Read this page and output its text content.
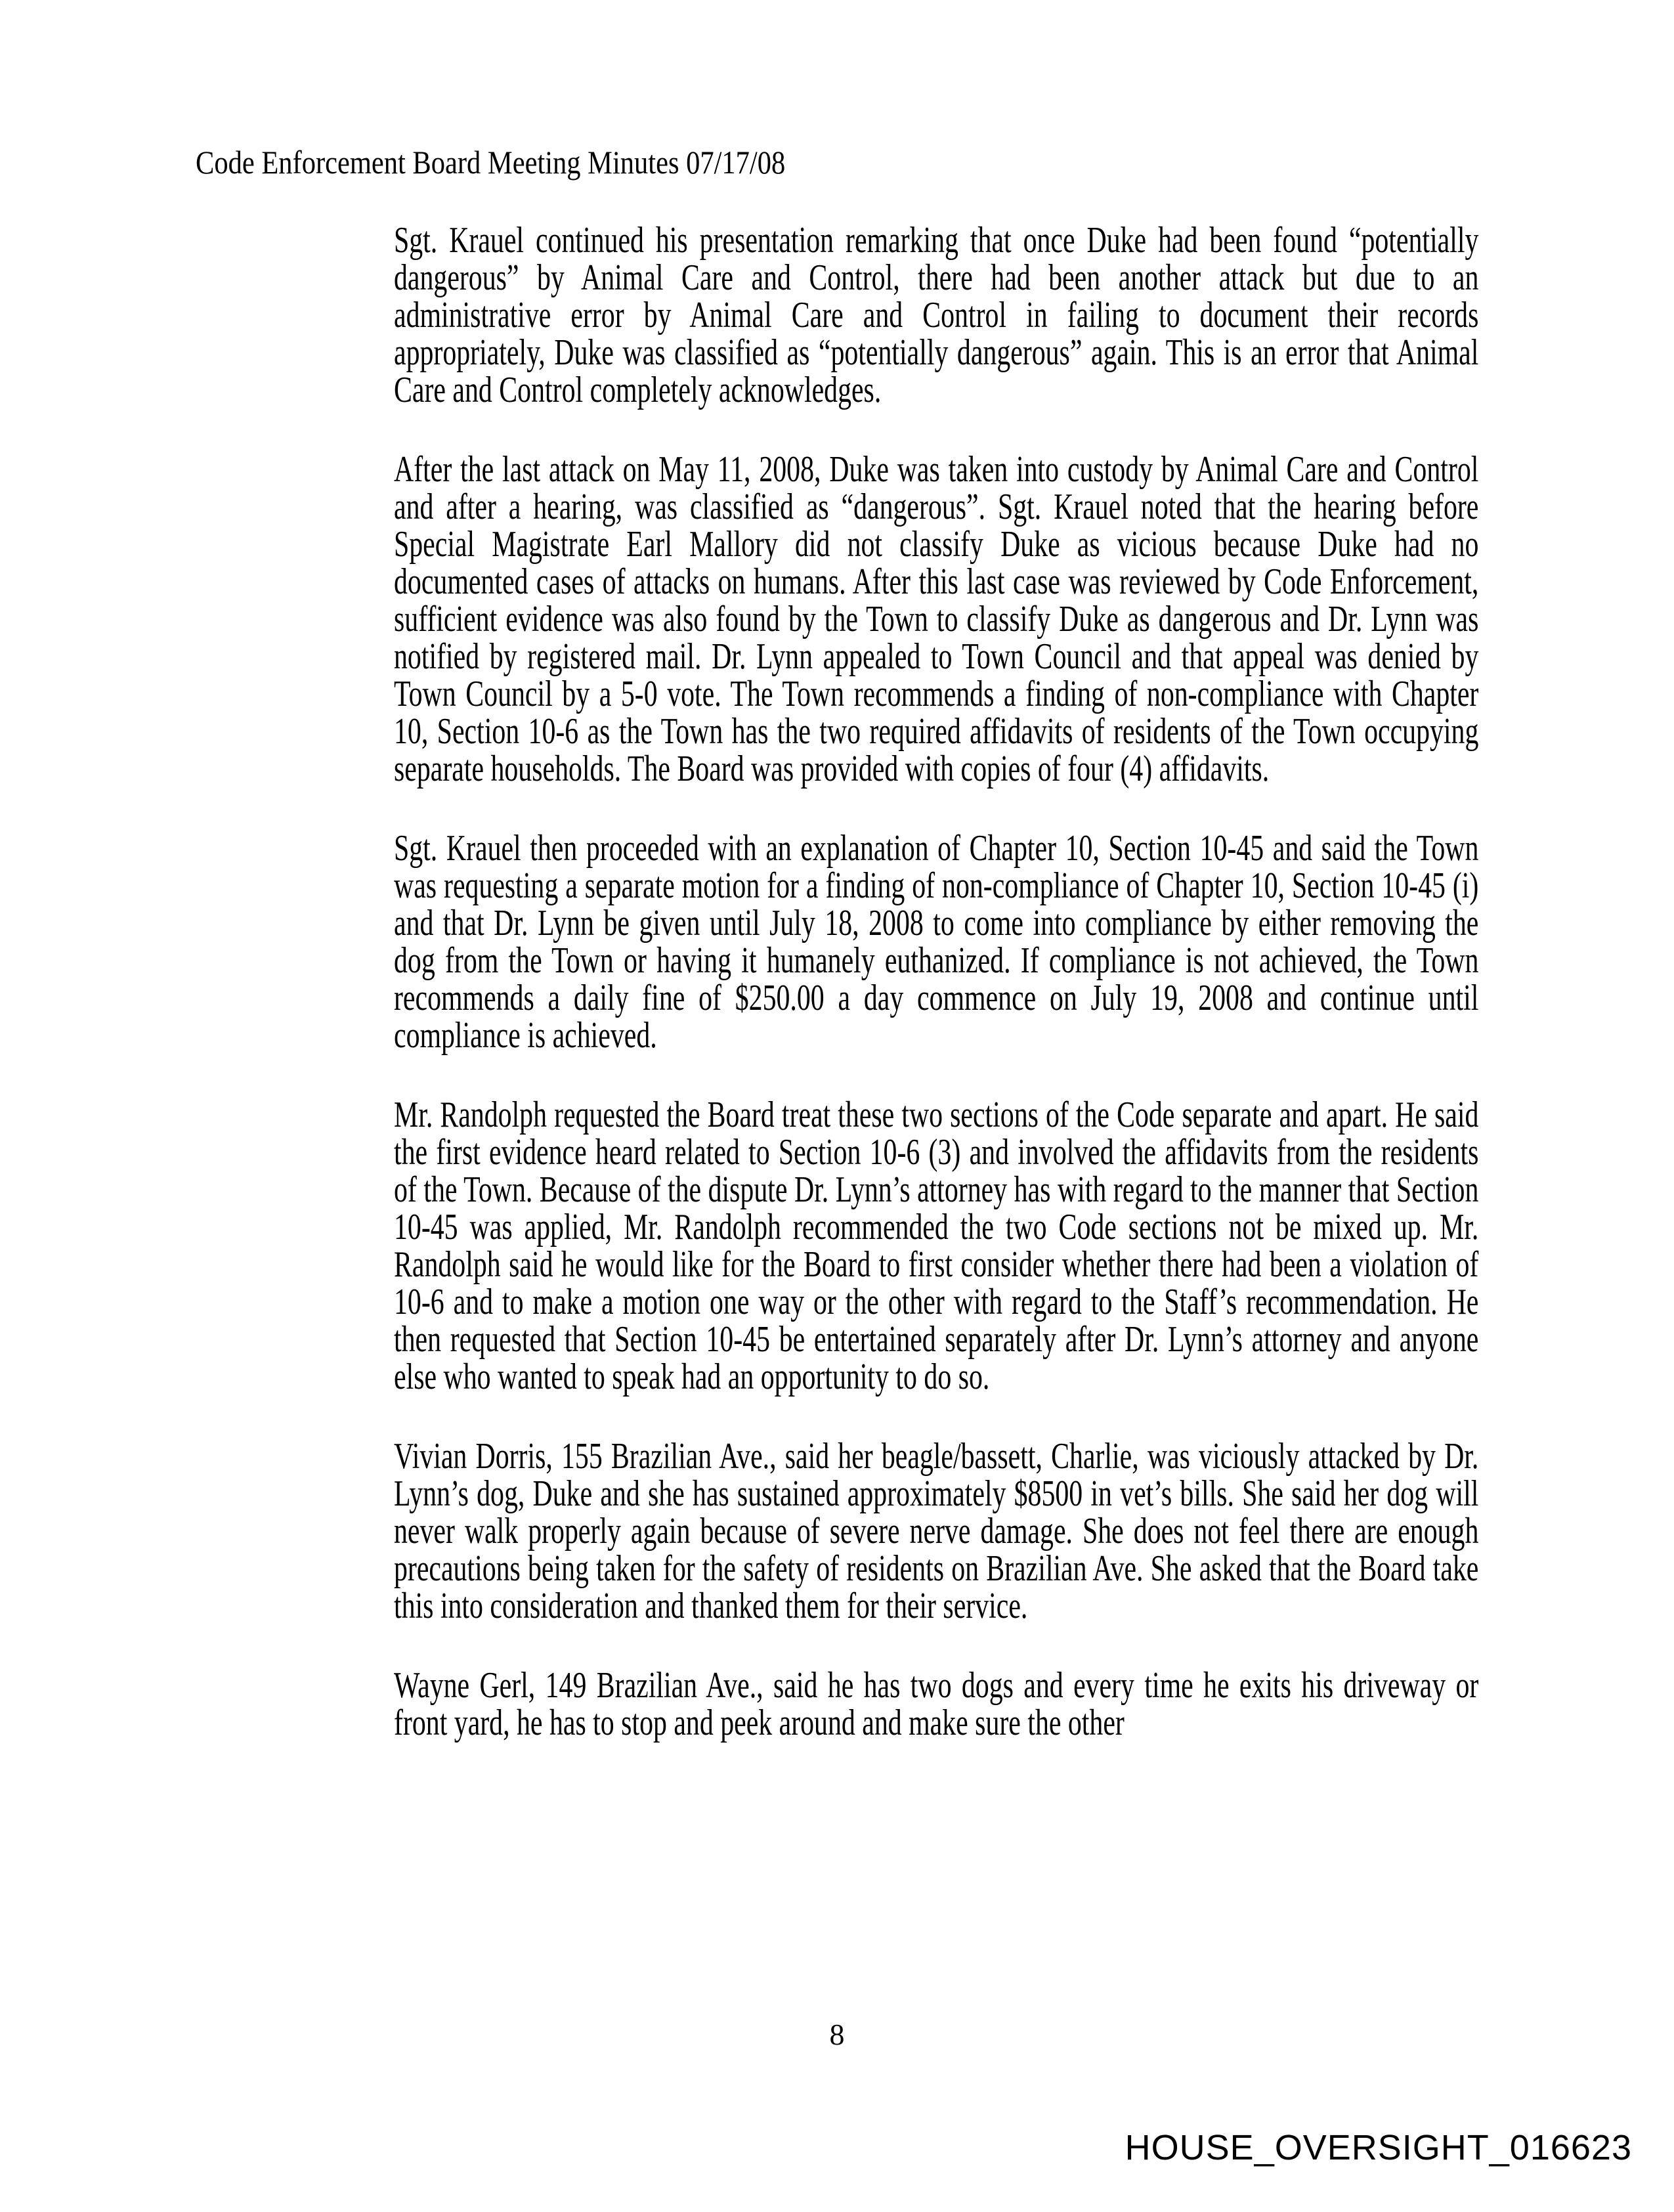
Code Enforcement Board Meeting Minutes 07/17/08

Sgt. Krauel continued his presentation remarking that once Duke had been found “potentially dangerous” by Animal Care and Control, there had been another attack but due to an administrative error by Animal Care and Control in failing to document their records appropriately, Duke was classified as “potentially dangerous” again. This is an error that Animal Care and Control completely acknowledges.

After the last attack on May 11, 2008, Duke was taken into custody by Animal Care and Control and after a hearing, was classified as “dangerous”. Sgt. Krauel noted that the hearing before Special Magistrate Earl Mallory did not classify Duke as vicious because Duke had no documented cases of attacks on humans. After this last case was reviewed by Code Enforcement, sufficient evidence was also found by the Town to classify Duke as dangerous and Dr. Lynn was notified by registered mail. Dr. Lynn appealed to Town Council and that appeal was denied by Town Council by a 5-0 vote. The Town recommends a finding of non-compliance with Chapter 10, Section 10-6 as the Town has the two required affidavits of residents of the Town occupying separate households. The Board was provided with copies of four (4) affidavits.

Sgt. Krauel then proceeded with an explanation of Chapter 10, Section 10-45 and said the Town was requesting a separate motion for a finding of non-compliance of Chapter 10, Section 10-45 (i) and that Dr. Lynn be given until July 18, 2008 to come into compliance by either removing the dog from the Town or having it humanely euthanized. If compliance is not achieved, the Town recommends a daily fine of $250.00 a day commence on July 19, 2008 and continue until compliance is achieved.

Mr. Randolph requested the Board treat these two sections of the Code separate and apart. He said the first evidence heard related to Section 10-6 (3) and involved the affidavits from the residents of the Town. Because of the dispute Dr. Lynn’s attorney has with regard to the manner that Section 10-45 was applied, Mr. Randolph recommended the two Code sections not be mixed up. Mr. Randolph said he would like for the Board to first consider whether there had been a violation of 10-6 and to make a motion one way or the other with regard to the Staff’s recommendation. He then requested that Section 10-45 be entertained separately after Dr. Lynn’s attorney and anyone else who wanted to speak had an opportunity to do so.

Vivian Dorris, 155 Brazilian Ave., said her beagle/bassett, Charlie, was viciously attacked by Dr. Lynn’s dog, Duke and she has sustained approximately $8500 in vet’s bills. She said her dog will never walk properly again because of severe nerve damage. She does not feel there are enough precautions being taken for the safety of residents on Brazilian Ave. She asked that the Board take this into consideration and thanked them for their service.

Wayne Gerl, 149 Brazilian Ave., said he has two dogs and every time he exits his driveway or front yard, he has to stop and peek around and make sure the other

8
HOUSE_OVERSIGHT_016623
